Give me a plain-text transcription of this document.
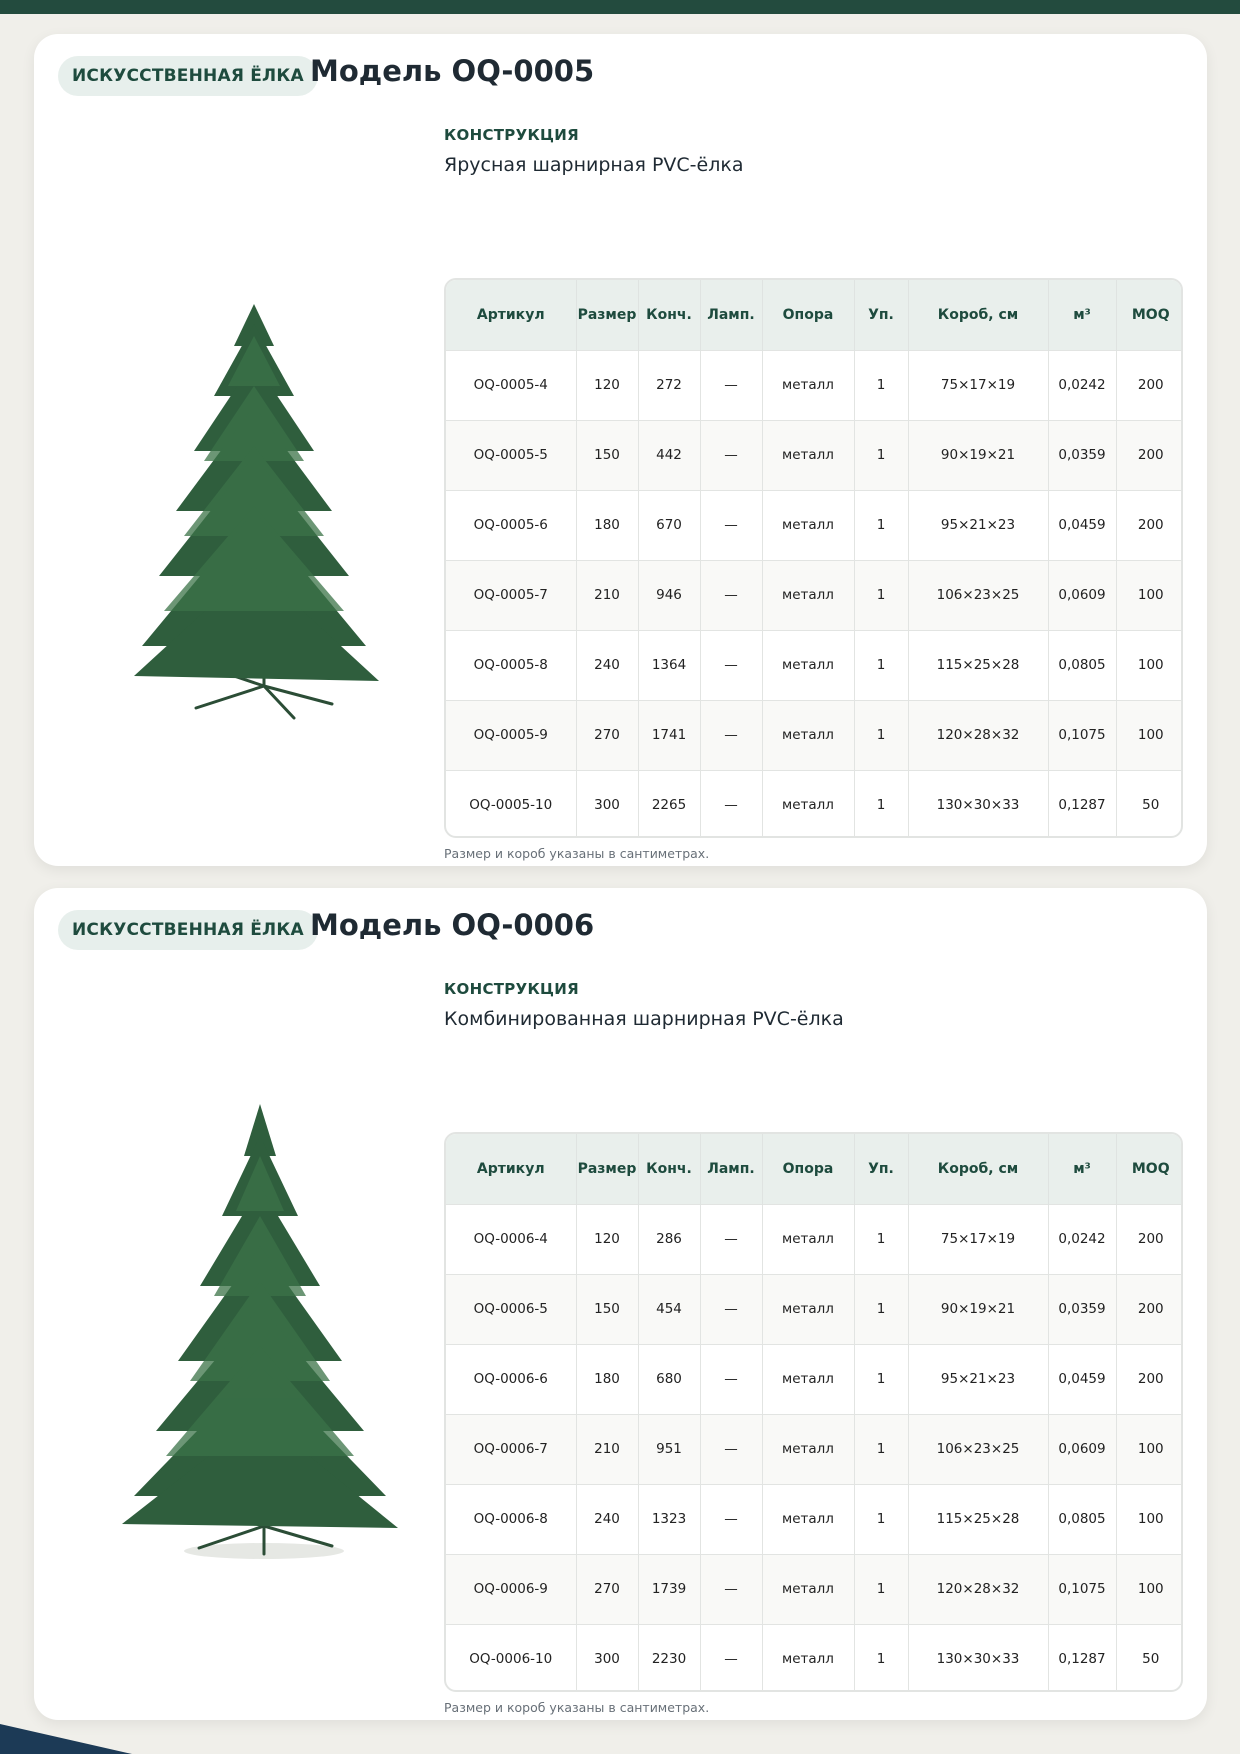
ИСКУССТВЕННАЯ ЁЛКА Модель OQ-0005
КОНСТРУКЦИЯ
Ярусная шарнирная PVC-ёлка
Артикул	Размер	Конч.	Ламп.	Опора	Уп.	Короб, см	м³	MOQ
OQ-0005-4	120	272	—	металл	1	75×17×19	0,0242	200
OQ-0005-5	150	442	—	металл	1	90×19×21	0,0359	200
OQ-0005-6	180	670	—	металл	1	95×21×23	0,0459	200
OQ-0005-7	210	946	—	металл	1	106×23×25	0,0609	100
OQ-0005-8	240	1364	—	металл	1	115×25×28	0,0805	100
OQ-0005-9	270	1741	—	металл	1	120×28×32	0,1075	100
OQ-0005-10	300	2265	—	металл	1	130×30×33	0,1287	50
Размер и короб указаны в сантиметрах.
ИСКУССТВЕННАЯ ЁЛКА Модель OQ-0006
КОНСТРУКЦИЯ
Комбинированная шарнирная PVC-ёлка
Артикул	Размер	Конч.	Ламп.	Опора	Уп.	Короб, см	м³	MOQ
OQ-0006-4	120	286	—	металл	1	75×17×19	0,0242	200
OQ-0006-5	150	454	—	металл	1	90×19×21	0,0359	200
OQ-0006-6	180	680	—	металл	1	95×21×23	0,0459	200
OQ-0006-7	210	951	—	металл	1	106×23×25	0,0609	100
OQ-0006-8	240	1323	—	металл	1	115×25×28	0,0805	100
OQ-0006-9	270	1739	—	металл	1	120×28×32	0,1075	100
OQ-0006-10	300	2230	—	металл	1	130×30×33	0,1287	50
Размер и короб указаны в сантиметрах.
